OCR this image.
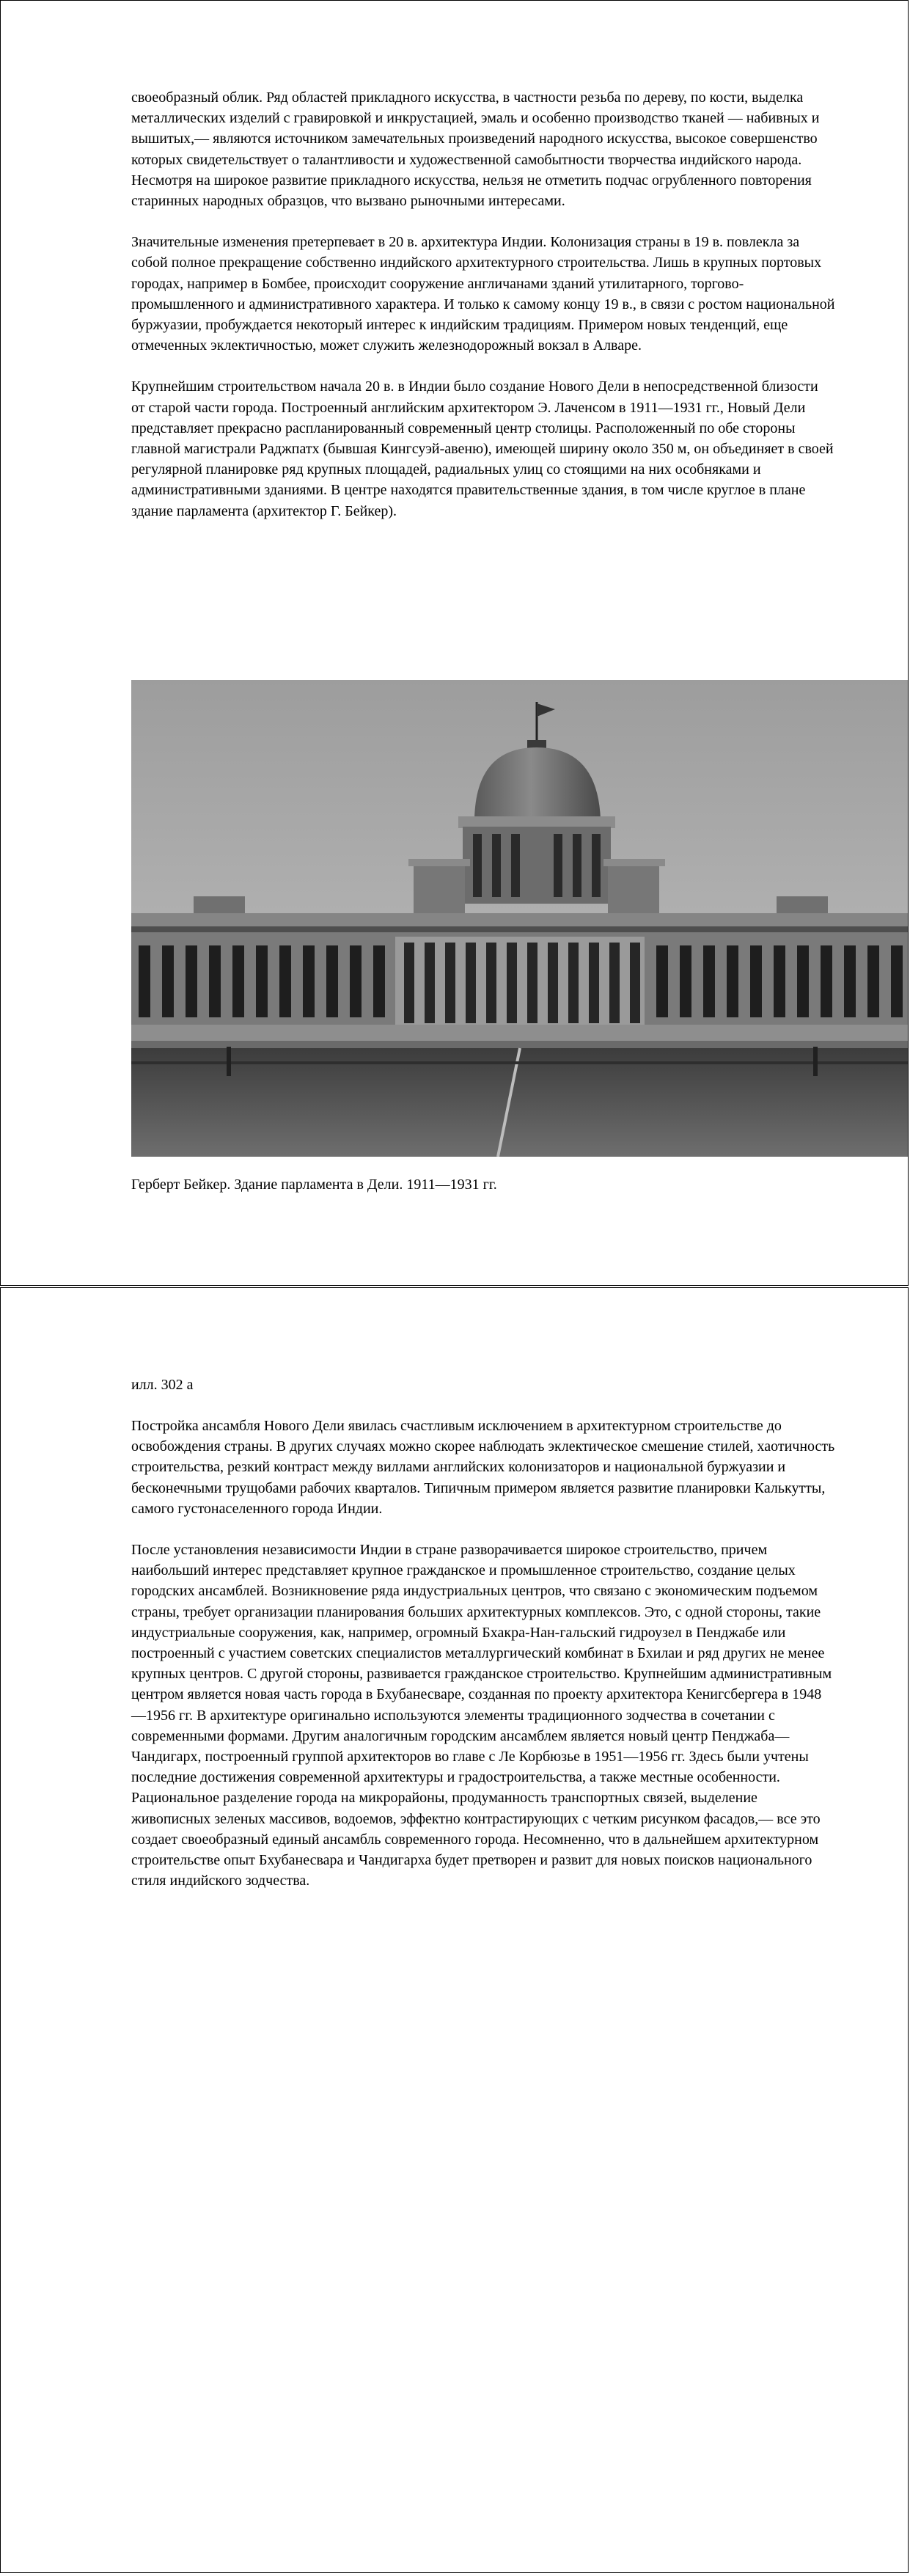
своеобразный облик. Ряд областей прикладного искусства, в частности резьба по дереву, по кости, выделка металлических изделий с гравировкой и инкрустацией, эмаль и особенно производство тканей — набивных и вышитых,— являются источником замечательных произведений народного искусства, высокое совершенство которых свидетельствует о талантливости и художественной самобытности творчества индийского народа. Несмотря на широкое развитие прикладного искусства, нельзя не отметить подчас огрубленного повторения старинных народных образцов, что вызвано рыночными интересами.

Значительные изменения претерпевает в 20 в. архитектура Индии. Колонизация страны в 19 в. повлекла за собой полное прекращение собственно индийского архитектурного строительства. Лишь в крупных портовых городах, например в Бомбее, происходит сооружение англичанами зданий утилитарного, торгово-промышленного и административного характера. И только к самому концу 19 в., в связи с ростом национальной буржуазии, пробуждается некоторый интерес к индийским традициям. Примером новых тенденций, еще отмеченных эклектичностью, может служить железнодорожный вокзал в Алваре.

Крупнейшим строительством начала 20 в. в Индии было создание Нового Дели в непосредственной близости от старой части города. Построенный английским архитектором Э. Лаченсом в 1911—1931 гг., Новый Дели представляет прекрасно распланированный современный центр столицы. Расположенный по обе стороны главной магистрали Раджпатх (бывшая Кингсуэй-авеню), имеющей ширину около 350 м, он объединяет в своей регулярной планировке ряд крупных площадей, радиальных улиц со стоящими на них особняками и административными зданиями. В центре находятся правительственные здания, в том числе круглое в плане здание парламента (архитектор Г. Бейкер).

Герберт Бейкер. Здание парламента в Дели. 1911—1931 гг.
илл. 302 а

Постройка ансамбля Нового Дели явилась счастливым исключением в архитектурном строительстве до освобождения страны. В других случаях можно скорее наблюдать эклектическое смешение стилей, хаотичность строительства, резкий контраст между виллами английских колонизаторов и национальной буржуазии и бесконечными трущобами рабочих кварталов. Типичным примером является развитие планировки Калькутты, самого густонаселенного города Индии.

После установления независимости Индии в стране разворачивается широкое строительство, причем наибольший интерес представляет крупное гражданское и промышленное строительство, создание целых городских ансамблей. Возникновение ряда индустриальных центров, что связано с экономическим подъемом страны, требует организации планирования больших архитектурных комплексов. Это, с одной стороны, такие индустриальные сооружения, как, например, огромный Бхакра-Нан-гальский гидроузел в Пенджабе или построенный с участием советских специалистов металлургический комбинат в Бхилаи и ряд других не менее крупных центров. С другой стороны, развивается гражданское строительство. Крупнейшим административным центром является новая часть города в Бхубанесваре, созданная по проекту архитектора Кенигсбергера в 1948—1956 гг. В архитектуре оригинально используются элементы традиционного зодчества в сочетании с современными формами. Другим аналогичным городским ансамблем является новый центр Пенджаба— Чандигарх, построенный группой архитекторов во главе с Ле Корбюзье в 1951—1956 гг. Здесь были учтены последние достижения современной архитектуры и градостроительства, а также местные особенности. Рациональное разделение города на микрорайоны, продуманность транспортных связей, выделение живописных зеленых массивов, водоемов, эффектно контрастирующих с четким рисунком фасадов,— все это создает своеобразный единый ансамбль современного города. Несомненно, что в дальнейшем архитектурном строительстве опыт Бхубанесвара и Чандигарха будет претворен и развит для новых поисков национального стиля индийского зодчества.
